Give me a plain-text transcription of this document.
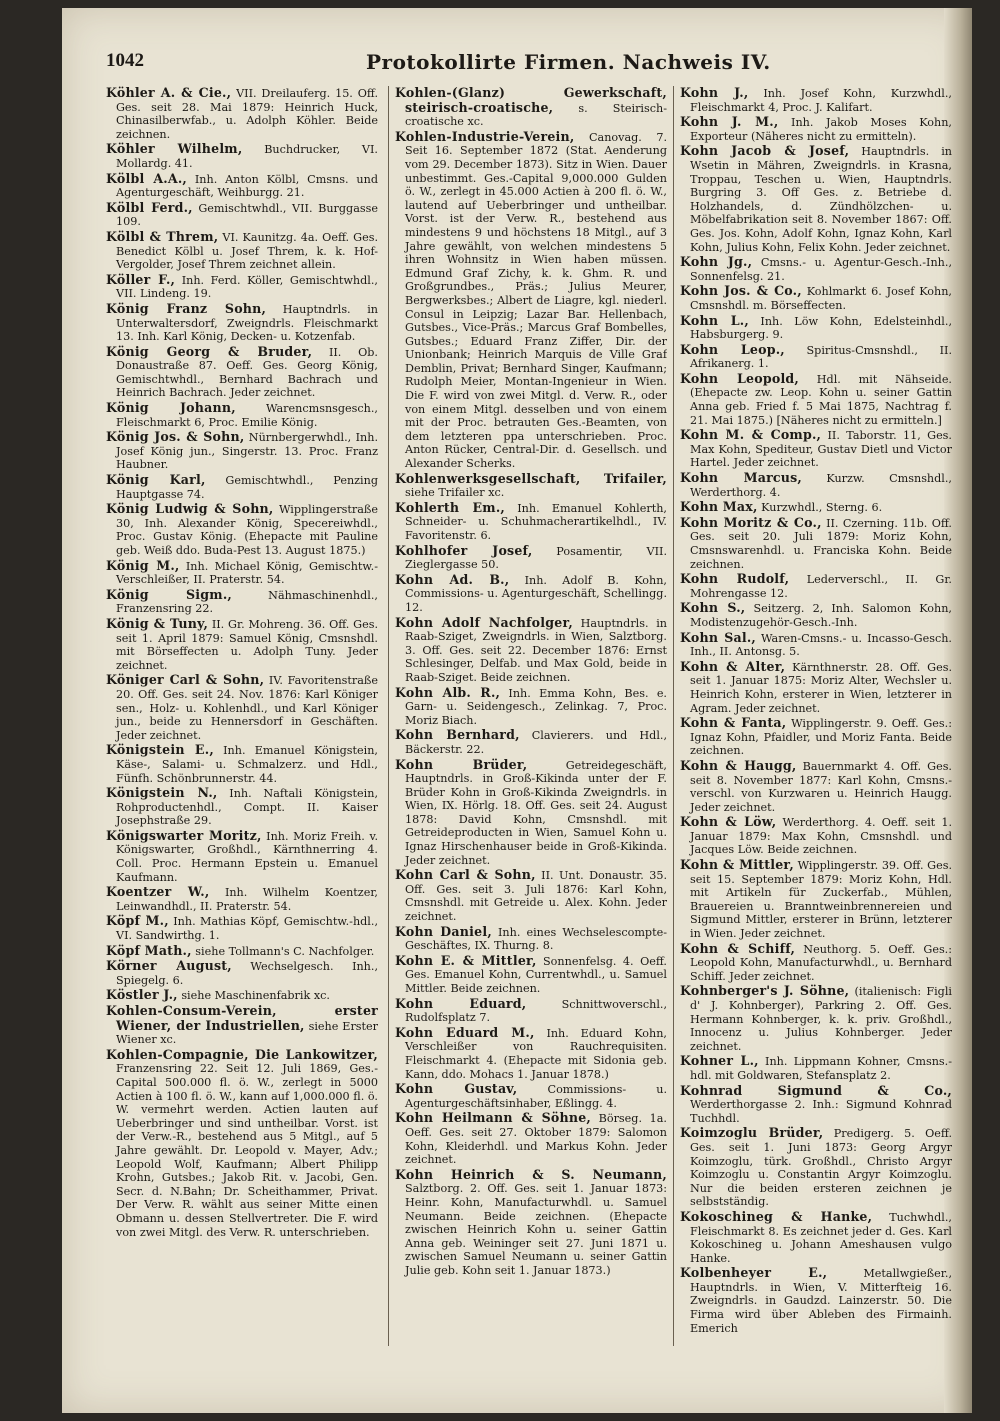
1042	Protokollirte Firmen. Nachweis IV.

Köhler A. & Cie., VII. Dreilauferg. 15. Off. Ges. seit 28. Mai 1879: Heinrich Huck, Chinasilberwfab., u. Adolph Köhler. Beide zeichnen.

Köhler Wilhelm, Buchdrucker, VI. Mollardg. 41.

Kölbl A.A., Inh. Anton Kölbl, Cmsns. und Agenturgeschäft, Weihburgg. 21.

Kölbl Ferd., Gemischtwhdl., VII. Burggasse 109.

Kölbl & Threm, VI. Kaunitzg. 4a. Oeff. Ges. Benedict Kölbl u. Josef Threm, k. k. Hof-Vergolder, Josef Threm zeichnet allein.

Köller F., Inh. Ferd. Köller, Gemischtwhdl., VII. Lindeng. 19.

König Franz Sohn, Hauptndrls. in Unterwaltersdorf, Zweigndrls. Fleischmarkt 13. Inh. Karl König, Decken- u. Kotzenfab.

König Georg & Bruder, II. Ob. Donaustraße 87. Oeff. Ges. Georg König, Gemischtwhdl., Bernhard Bachrach und Heinrich Bachrach. Jeder zeichnet.

König Johann,	Warencmsnsgesch., Fleischmarkt 6, Proc. Emilie König.

König Jos. & Sohn, Nürnbergerwhdl., Inh. Josef König jun., Singerstr. 13. Proc. Franz Haubner.

König Karl, Gemischtwhdl., Penzing Hauptgasse 74.

König Ludwig & Sohn, Wipplingerstraße 30, Inh. Alexander König, Specereiwhdl., Proc. Gustav König. (Ehepacte mit Pauline geb. Weiß ddo. Buda-Pest 13. August 1875.)

König M., Inh. Michael König, Gemischtw.-Verschleißer, II. Praterstr. 54.

König Sigm.,	Nähmaschinenhdl., Franzensring 22.

König & Tuny, II. Gr. Mohreng. 36. Off. Ges. seit 1. April 1879: Samuel König, Cmsnshdl. mit Börseffecten u. Adolph Tuny. Jeder zeichnet.

Königer Carl & Sohn, IV. Favoritenstraße 20. Off. Ges. seit 24. Nov. 1876: Karl Königer sen., Holz- u. Kohlenhdl., und Karl Königer jun., beide zu Hennersdorf in Geschäften. Jeder zeichnet.

Königstein E., Inh. Emanuel Königstein, Käse-, Salami- u. Schmalzerz. und Hdl., Fünfh. Schönbrunnerstr. 44.

Königstein N., Inh. Naftali Königstein, Rohproductenhdl., Compt. II. Kaiser Josephstraße 29.

Königswarter Moritz, Inh. Moriz Freih. v. Königswarter, Großhdl., Kärnthnerring 4. Coll. Proc. Hermann Epstein u. Emanuel Kaufmann.

Koentzer W., Inh. Wilhelm Koentzer, Leinwandhdl., II. Praterstr. 54.

Köpf M., Inh. Mathias Köpf, Gemischtw.-hdl., VI. Sandwirthg. 1.

Köpf Math., siehe Tollmann's C. Nachfolger.

Körner August, Wechselgesch. Inh., Spiegelg. 6.

Köstler J., siehe Maschinenfabrik xc.

Kohlen-Consum-Verein, erster Wiener, der Industriellen, siehe Erster Wiener xc.

Kohlen-Compagnie, Die Lankowitzer, Franzensring 22. Seit 12. Juli 1869, Ges.-Capital 500.000 fl. ö. W., zerlegt in 5000 Actien à 100 fl. ö. W., kann auf 1,000.000 fl. ö. W. vermehrt werden. Actien lauten auf Ueberbringer und sind untheilbar. Vorst. ist der Verw.-R., bestehend aus 5 Mitgl., auf 5 Jahre gewählt. Dr. Leopold v. Mayer, Adv.; Leopold Wolf, Kaufmann; Albert Philipp Krohn, Gutsbes.; Jakob Rit. v. Jacobi, Gen. Secr. d. N.Bahn; Dr. Scheithammer, Privat. Der Verw. R. wählt aus seiner Mitte einen Obmann u. dessen Stellvertreter. Die F. wird von zwei Mitgl. des Verw. R. unterschrieben.

Kohlen-(Glanz) Gewerkschaft, steirisch-croatische, s. Steirisch-croatische xc.

Kohlen-Industrie-Verein, Canovag. 7. Seit 16. September 1872 (Stat. Aenderung vom 29. December 1873). Sitz in Wien. Dauer unbestimmt. Ges.-Capital 9,000.000 Gulden ö. W., zerlegt in 45.000 Actien à 200 fl. ö. W., lautend auf Ueberbringer und untheilbar. Vorst. ist der Verw. R., bestehend aus mindestens 9 und höchstens 18 Mitgl., auf 3 Jahre gewählt, von welchen mindestens 5 ihren Wohnsitz in Wien haben müssen. Edmund Graf Zichy, k. k. Ghm. R. und Großgrundbes., Präs.; Julius Meurer, Bergwerksbes.; Albert de Liagre, kgl. niederl. Consul in Leipzig; Lazar Bar. Hellenbach, Gutsbes., Vice-Präs.; Marcus Graf Bombelles, Gutsbes.; Eduard Franz Ziffer, Dir. der Unionbank; Heinrich Marquis de Ville Graf Demblin, Privat; Bernhard Singer, Kaufmann; Rudolph Meier, Montan-Ingenieur in Wien. Die F. wird von zwei Mitgl. d. Verw. R., oder von einem Mitgl. desselben und von einem mit der Proc. betrauten Ges.-Beamten, von dem letzteren ppa unterschrieben. Proc. Anton Rücker, Central-Dir. d. Gesellsch. und Alexander Scherks.

Kohlenwerksgesellschaft, Trifailer, siehe Trifailer xc.

Kohlerth Em., Inh. Emanuel Kohlerth, Schneider- u. Schuhmacherartikelhdl., IV. Favoritenstr. 6.

Kohlhofer Josef, Posamentir, VII. Zieglergasse 50.

Kohn Ad. B., Inh. Adolf B. Kohn, Commissions- u. Agenturgeschäft, Schellingg. 12.

Kohn Adolf Nachfolger, Hauptndrls. in Raab-Sziget, Zweigndrls. in Wien, Salztborg. 3. Off. Ges. seit 22. December 1876: Ernst Schlesinger, Delfab. und Max Gold, beide in Raab-Sziget. Beide zeichnen.

Kohn Alb. R., Inh. Emma Kohn, Bes. e. Garn- u. Seidengesch., Zelinkag. 7, Proc. Moriz Biach.

Kohn Bernhard, Clavierers. und Hdl., Bäckerstr. 22.

Kohn Brüder,	Getreidegeschäft, Hauptndrls. in Groß-Kikinda unter der F. Brüder Kohn in Groß-Kikinda Zweigndrls. in Wien, IX. Hörlg. 18. Off. Ges. seit 24. August 1878: David Kohn, Cmsnshdl. mit Getreideproducten in Wien, Samuel Kohn u. Ignaz Hirschenhauser beide in Groß-Kikinda. Jeder zeichnet.

Kohn Carl & Sohn, II. Unt. Donaustr. 35. Off. Ges. seit 3. Juli 1876: Karl Kohn, Cmsnshdl. mit Getreide u. Alex. Kohn. Jeder zeichnet.

Kohn Daniel, Inh. eines Wechselescompte-Geschäftes, IX. Thurng. 8.

Kohn E. & Mittler, Sonnenfelsg. 4. Oeff. Ges. Emanuel Kohn, Currentwhdl., u. Samuel Mittler. Beide zeichnen.

Kohn Eduard,	Schnittwoverschl., Rudolfsplatz 7.

Kohn Eduard M., Inh. Eduard Kohn, Verschleißer von Rauchrequisiten. Fleischmarkt 4. (Ehepacte mit Sidonia geb. Kann, ddo. Mohacs 1. Januar 1878.)

Kohn Gustav,	Commissions- u. Agenturgeschäftsinhaber, Eßlingg. 4.

Kohn Heilmann & Söhne, Börseg. 1a. Oeff. Ges. seit 27. Oktober 1879: Salomon Kohn, Kleiderhdl. und Markus Kohn. Jeder zeichnet.

Kohn Heinrich & S. Neumann, Salztborg. 2. Off. Ges. seit 1. Januar 1873: Heinr. Kohn, Manufacturwhdl. u. Samuel Neumann. Beide zeichnen. (Ehepacte zwischen Heinrich Kohn u. seiner Gattin Anna geb. Weininger seit 27. Juni 1871 u. zwischen Samuel Neumann u. seiner Gattin Julie geb. Kohn seit 1. Januar 1873.)

Kohn J., Inh. Josef Kohn, Kurzwhdl., Fleischmarkt 4, Proc. J. Kalifart.

Kohn J. M., Inh. Jakob Moses Kohn, Exporteur (Näheres nicht zu ermitteln).

Kohn Jacob & Josef, Hauptndrls. in Wsetin in Mähren, Zweigndrls. in Krasna, Troppau, Teschen u. Wien, Hauptndrls. Burgring 3. Off Ges. z. Betriebe d. Holzhandels, d. Zündhölzchen- u. Möbelfabrikation seit 8. November 1867: Off. Ges. Jos. Kohn, Adolf Kohn, Ignaz Kohn, Karl Kohn, Julius Kohn, Felix Kohn. Jeder zeichnet.

Kohn Jg., Cmsns.- u. Agentur-Gesch.-Inh., Sonnenfelsg. 21.

Kohn Jos. & Co., Kohlmarkt 6. Josef Kohn, Cmsnshdl. m. Börseffecten.

Kohn L., Inh. Löw Kohn, Edelsteinhdl., Habsburgerg. 9.

Kohn Leop., Spiritus-Cmsnshdl., II. Afrikanerg. 1.

Kohn Leopold, Hdl. mit Nähseide. (Ehepacte zw. Leop. Kohn u. seiner Gattin Anna geb. Fried f. 5 Mai 1875, Nachtrag f. 21. Mai 1875.) [Näheres nicht zu ermitteln.]

Kohn M. & Comp., II. Taborstr. 11, Ges. Max Kohn, Spediteur, Gustav Dietl und Victor Hartel. Jeder zeichnet.

Kohn Marcus, Kurzw. Cmsnshdl., Werderthorg. 4.

Kohn Max, Kurzwhdl., Sterng. 6.

Kohn Moritz & Co., II. Czerning. 11b. Off. Ges. seit 20. Juli 1879: Moriz Kohn, Cmsnswarenhdl. u. Franciska Kohn. Beide zeichnen.

Kohn Rudolf, Lederverschl., II. Gr. Mohrengasse 12.

Kohn S., Seitzerg. 2, Inh. Salomon Kohn, Modistenzugehör-Gesch.-Inh.

Kohn Sal., Waren-Cmsns.- u. Incasso-Gesch. Inh., II. Antonsg. 5.

Kohn & Alter, Kärnthnerstr. 28. Off. Ges. seit 1. Januar 1875: Moriz Alter, Wechsler u. Heinrich Kohn, ersterer in Wien, letzterer in Agram. Jeder zeichnet.

Kohn & Fanta, Wipplingerstr. 9. Oeff. Ges.: Ignaz Kohn, Pfaidler, und Moriz Fanta. Beide zeichnen.

Kohn & Haugg, Bauernmarkt 4. Off. Ges. seit 8. November 1877: Karl Kohn, Cmsns.-verschl. von Kurzwaren u. Heinrich Haugg. Jeder zeichnet.

Kohn & Löw, Werderthorg. 4. Oeff. seit 1. Januar 1879: Max Kohn, Cmsnshdl. und Jacques Löw. Beide zeichnen.

Kohn & Mittler, Wipplingerstr. 39. Off. Ges. seit 15. September 1879: Moriz Kohn, Hdl. mit Artikeln für Zuckerfab., Mühlen, Brauereien u. Branntweinbrennereien und Sigmund Mittler, ersterer in Brünn, letzterer in Wien. Jeder zeichnet.

Kohn & Schiff, Neuthorg. 5. Oeff. Ges.: Leopold Kohn, Manufacturwhdl., u. Bernhard Schiff. Jeder zeichnet.

Kohnberger's J. Söhne, (italienisch: Figli d' J. Kohnberger), Parkring 2. Off. Ges. Hermann Kohnberger, k. k. priv. Großhdl., Innocenz u. Julius Kohnberger. Jeder zeichnet.

Kohner L., Inh. Lippmann Kohner, Cmsns.-hdl. mit Goldwaren, Stefansplatz 2.

Kohnrad Sigmund & Co., Werderthorgasse 2. Inh.: Sigmund Kohnrad Tuchhdl.

Koimzoglu Brüder, Predigerg. 5. Oeff. Ges. seit 1. Juni 1873: Georg Argyr Koimzoglu, türk. Großhdl., Christo Argyr Koimzoglu u. Constantin Argyr Koimzoglu. Nur die beiden ersteren zeichnen je selbstständig.

Kokoschineg & Hanke, Tuchwhdl., Fleischmarkt 8. Es zeichnet jeder d. Ges. Karl Kokoschineg u. Johann Ameshausen vulgo Hanke.

Kolbenheyer E.,	Metallwgießer., Hauptndrls. in Wien, V. Mitterfteig 16. Zweigndrls. in Gaudzd. Lainzerstr. 50. Die Firma wird über Ableben des Firmainh. Emerich
